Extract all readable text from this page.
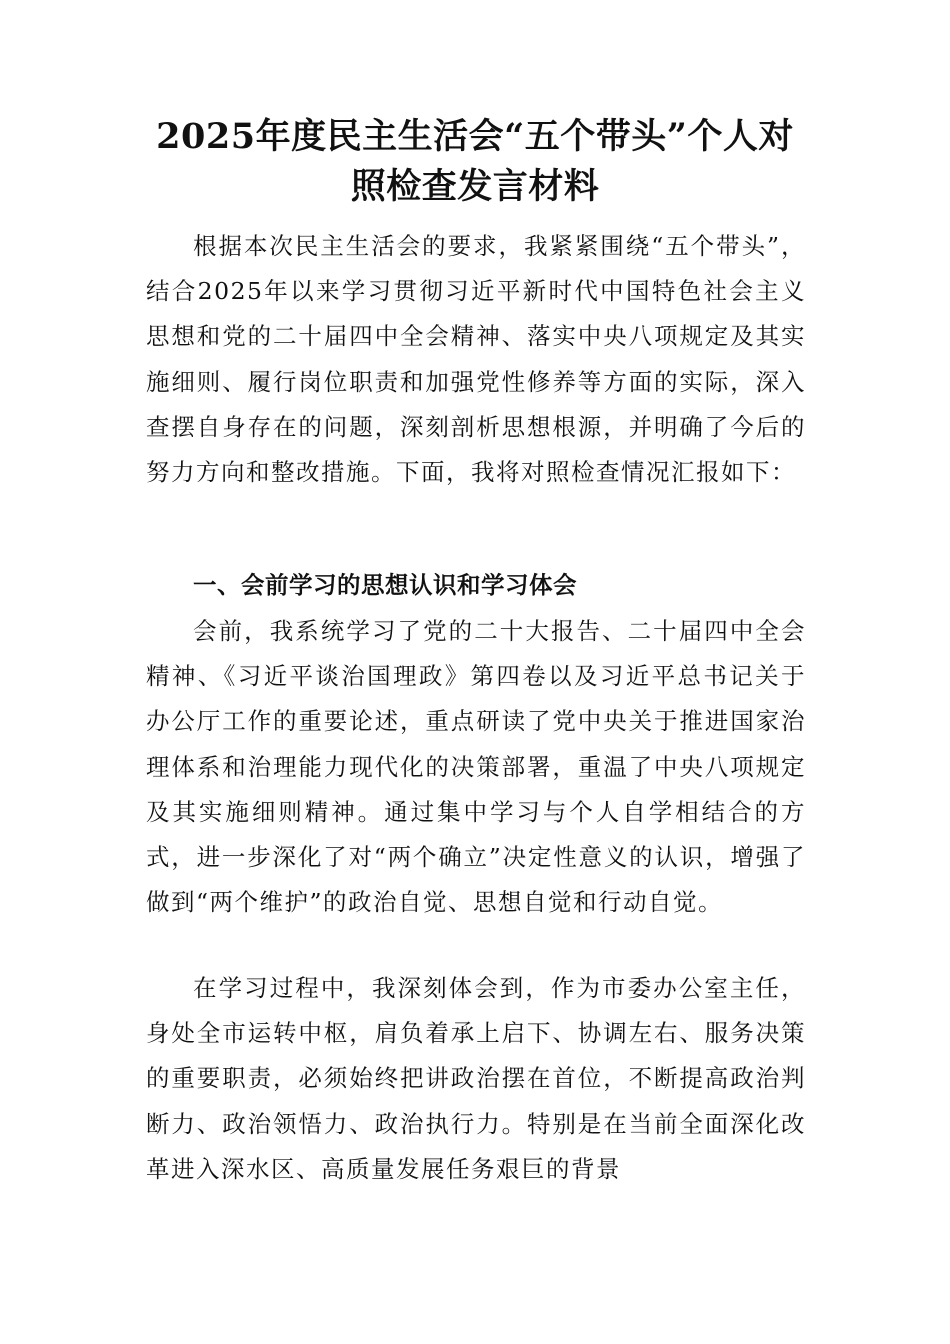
2025年度民主生活会“五个带头”个人对
照检查发言材料

根据本次民主生活会的要求，我紧紧围绕“五个带头”，结合2025年以来学习贯彻习近平新时代中国特色社会主义思想和党的二十届四中全会精神、落实中央八项规定及其实施细则、履行岗位职责和加强党性修养等方面的实际，深入查摆自身存在的问题，深刻剖析思想根源，并明确了今后的努力方向和整改措施。下面，我将对照检查情况汇报如下：

一、会前学习的思想认识和学习体会

会前，我系统学习了党的二十大报告、二十届四中全会精神、《习近平谈治国理政》第四卷以及习近平总书记关于办公厅工作的重要论述，重点研读了党中央关于推进国家治理体系和治理能力现代化的决策部署，重温了中央八项规定及其实施细则精神。通过集中学习与个人自学相结合的方式，进一步深化了对“两个确立”决定性意义的认识，增强了做到“两个维护”的政治自觉、思想自觉和行动自觉。

在学习过程中，我深刻体会到，作为市委办公室主任，身处全市运转中枢，肩负着承上启下、协调左右、服务决策的重要职责，必须始终把讲政治摆在首位，不断提高政治判断力、政治领悟力、政治执行力。特别是在当前全面深化改革进入深水区、高质量发展任务艰巨的背景
